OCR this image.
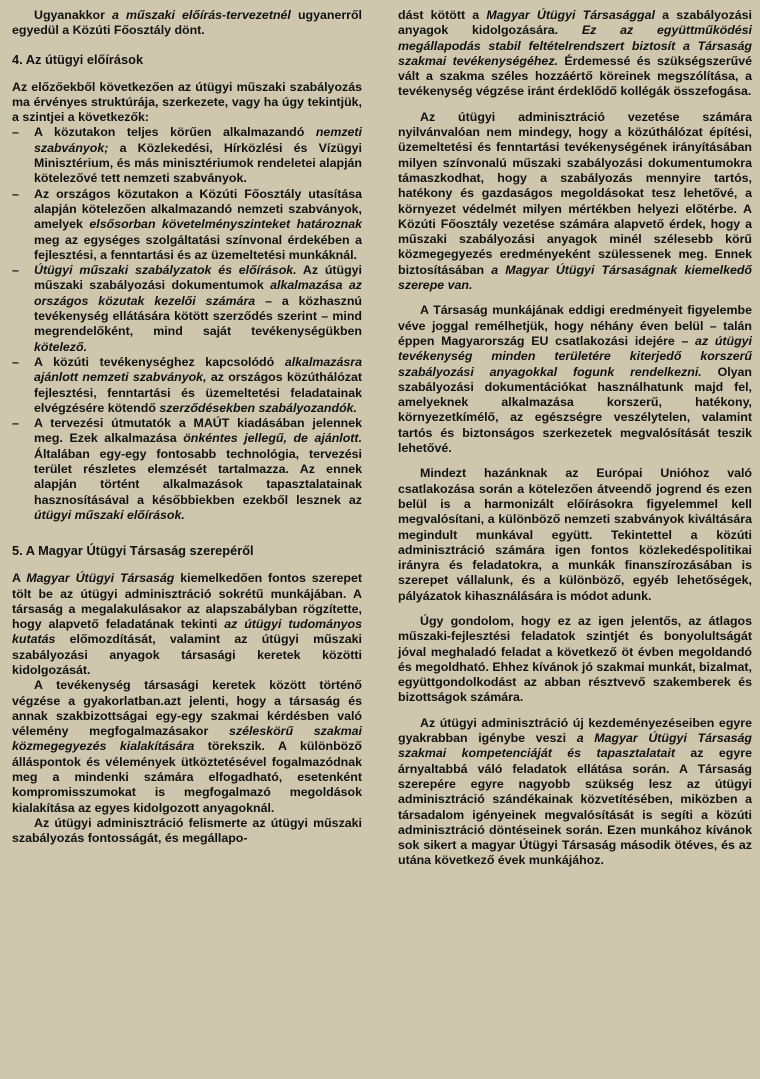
Ugyanakkor a műszaki előírás-tervezetnél ugyanerről egyedül a Közúti Főosztály dönt.

4. Az útügyi előírások

Az előzőekből következően az útügyi műszaki szabályozás ma érvényes struktúrája, szerkezete, vagy ha úgy tekintjük, a szintjei a következők:

– A közutakon teljes körűen alkalmazandó nemzeti szabványok; a Közlekedési, Hírközlési és Vízügyi Minisztérium, és más minisztériumok rendeletei alapján kötelezővé tett nemzeti szabványok.
– Az országos közutakon a Közúti Főosztály utasítása alapján kötelezően alkalmazandó nemzeti szabványok, amelyek elsősorban követelményszinteket határoznak meg az egységes szolgáltatási színvonal érdekében a fejlesztési, a fenntartási és az üzemeltetési munkáknál.
– Útügyi műszaki szabályzatok és előírások. Az útügyi műszaki szabályozási dokumentumok alkalmazása az országos közutak kezelői számára – a közhasznú tevékenység ellátására kötött szerződés szerint – mind megrendelőként, mind saját tevékenységükben kötelező.
– A közúti tevékenységhez kapcsolódó alkalmazásra ajánlott nemzeti szabványok, az országos közúthálózat fejlesztési, fenntartási és üzemeltetési feladatainak elvégzésére kötendő szerződésekben szabályozandók.
– A tervezési útmutatók a MAÚT kiadásában jelennek meg. Ezek alkalmazása önkéntes jellegű, de ajánlott. Általában egy-egy fontosabb technológia, tervezési terület részletes elemzését tartalmazza. Az ennek alapján történt alkalmazások tapasztalatainak hasznosításával a későbbiekben ezekből lesznek az útügyi műszaki előírások.
5. A Magyar Útügyi Társaság szerepéről

A Magyar Útügyi Társaság kiemelkedően fontos szerepet tölt be az útügyi adminisztráció sokrétű munkájában. A társaság a megalakulásakor az alapszabályban rögzítette, hogy alapvető feladatának tekinti az útügyi tudományos kutatás előmozdítását, valamint az útügyi műszaki szabályozási anyagok társasági keretek közötti kidolgozását.

A tevékenység társasági keretek között történő végzése a gyakorlatban.azt jelenti, hogy a társaság és annak szakbizottságai egy-egy szakmai kérdésben való vélemény megfogalmazásakor széleskörű szakmai közmegegyezés kialakítására törekszik. A különböző álláspontok és vélemények ütköztetésével fogalmazódnak meg a mindenki számára elfogadható, esetenként kompromisszumokat is megfogalmazó megoldások kialakítása az egyes kidolgozott anyagoknál.

Az útügyi adminisztráció felismerte az útügyi műszaki szabályozás fontosságát, és megállapo-

dást kötött a Magyar Útügyi Társasággal a szabályozási anyagok kidolgozására. Ez az együttműködési megállapodás stabil feltételrendszert biztosít a Társaság szakmai tevékenységéhez. Érdemessé és szükségszerűvé vált a szakma széles hozzáértő köreinek megszólítása, a tevékenység végzése iránt érdeklődő kollégák összefogása.

Az útügyi adminisztráció vezetése számára nyilvánvalóan nem mindegy, hogy a közúthálózat építési, üzemeltetési és fenntartási tevékenységének irányításában milyen színvonalú műszaki szabályozási dokumentumokra támaszkodhat, hogy a szabályozás mennyire tartós, hatékony és gazdaságos megoldásokat tesz lehetővé, a környezet védelmét milyen mértékben helyezi előtérbe. A Közúti Főosztály vezetése számára alapvető érdek, hogy a műszaki szabályozási anyagok minél szélesebb körű közmegegyezés eredményeként szülessenek meg. Ennek biztosításában a Magyar Útügyi Társaságnak kiemelkedő szerepe van.

A Társaság munkájának eddigi eredményeit figyelembe véve joggal remélhetjük, hogy néhány éven belül – talán éppen Magyarország EU csatlakozási idejére – az útügyi tevékenység minden területére kiterjedő korszerű szabályozási anyagokkal fogunk rendelkezni. Olyan szabályozási dokumentációkat használhatunk majd fel, amelyeknek alkalmazása korszerű, hatékony, környezetkímélő, az egészségre veszélytelen, valamint tartós és biztonságos szerkezetek megvalósítását teszik lehetővé.

Mindezt hazánknak az Európai Unióhoz való csatlakozása során a kötelezően átveendő jogrend és ezen belül is a harmonizált előírásokra figyelemmel kell megvalósítani, a különböző nemzeti szabványok kiváltására megindult munkával együtt. Tekintettel a közúti adminisztráció számára igen fontos közlekedéspolitikai irányra és feladatokra, a munkák finanszírozásában is szerepet vállalunk, és a különböző, egyéb lehetőségek, pályázatok kihasználására is módot adunk.

Úgy gondolom, hogy ez az igen jelentős, az átlagos műszaki-fejlesztési feladatok szintjét és bonyolultságát jóval meghaladó feladat a következő öt évben megoldandó és megoldható. Ehhez kívánok jó szakmai munkát, bizalmat, együttgondolkodást az abban résztvevő szakemberek és bizottságok számára.

Az útügyi adminisztráció új kezdeményezéseiben egyre gyakrabban igénybe veszi a Magyar Útügyi Társaság szakmai kompetenciáját és tapasztalatait az egyre árnyaltabbá váló feladatok ellátása során. A Társaság szerepére egyre nagyobb szükség lesz az útügyi adminisztráció szándékainak közvetítésében, miközben a társadalom igényeinek megvalósítását is segíti a közúti adminisztráció döntéseinek során. Ezen munkához kívánok sok sikert a magyar Útügyi Társaság második ötéves, és az utána következő évek munkájához.
